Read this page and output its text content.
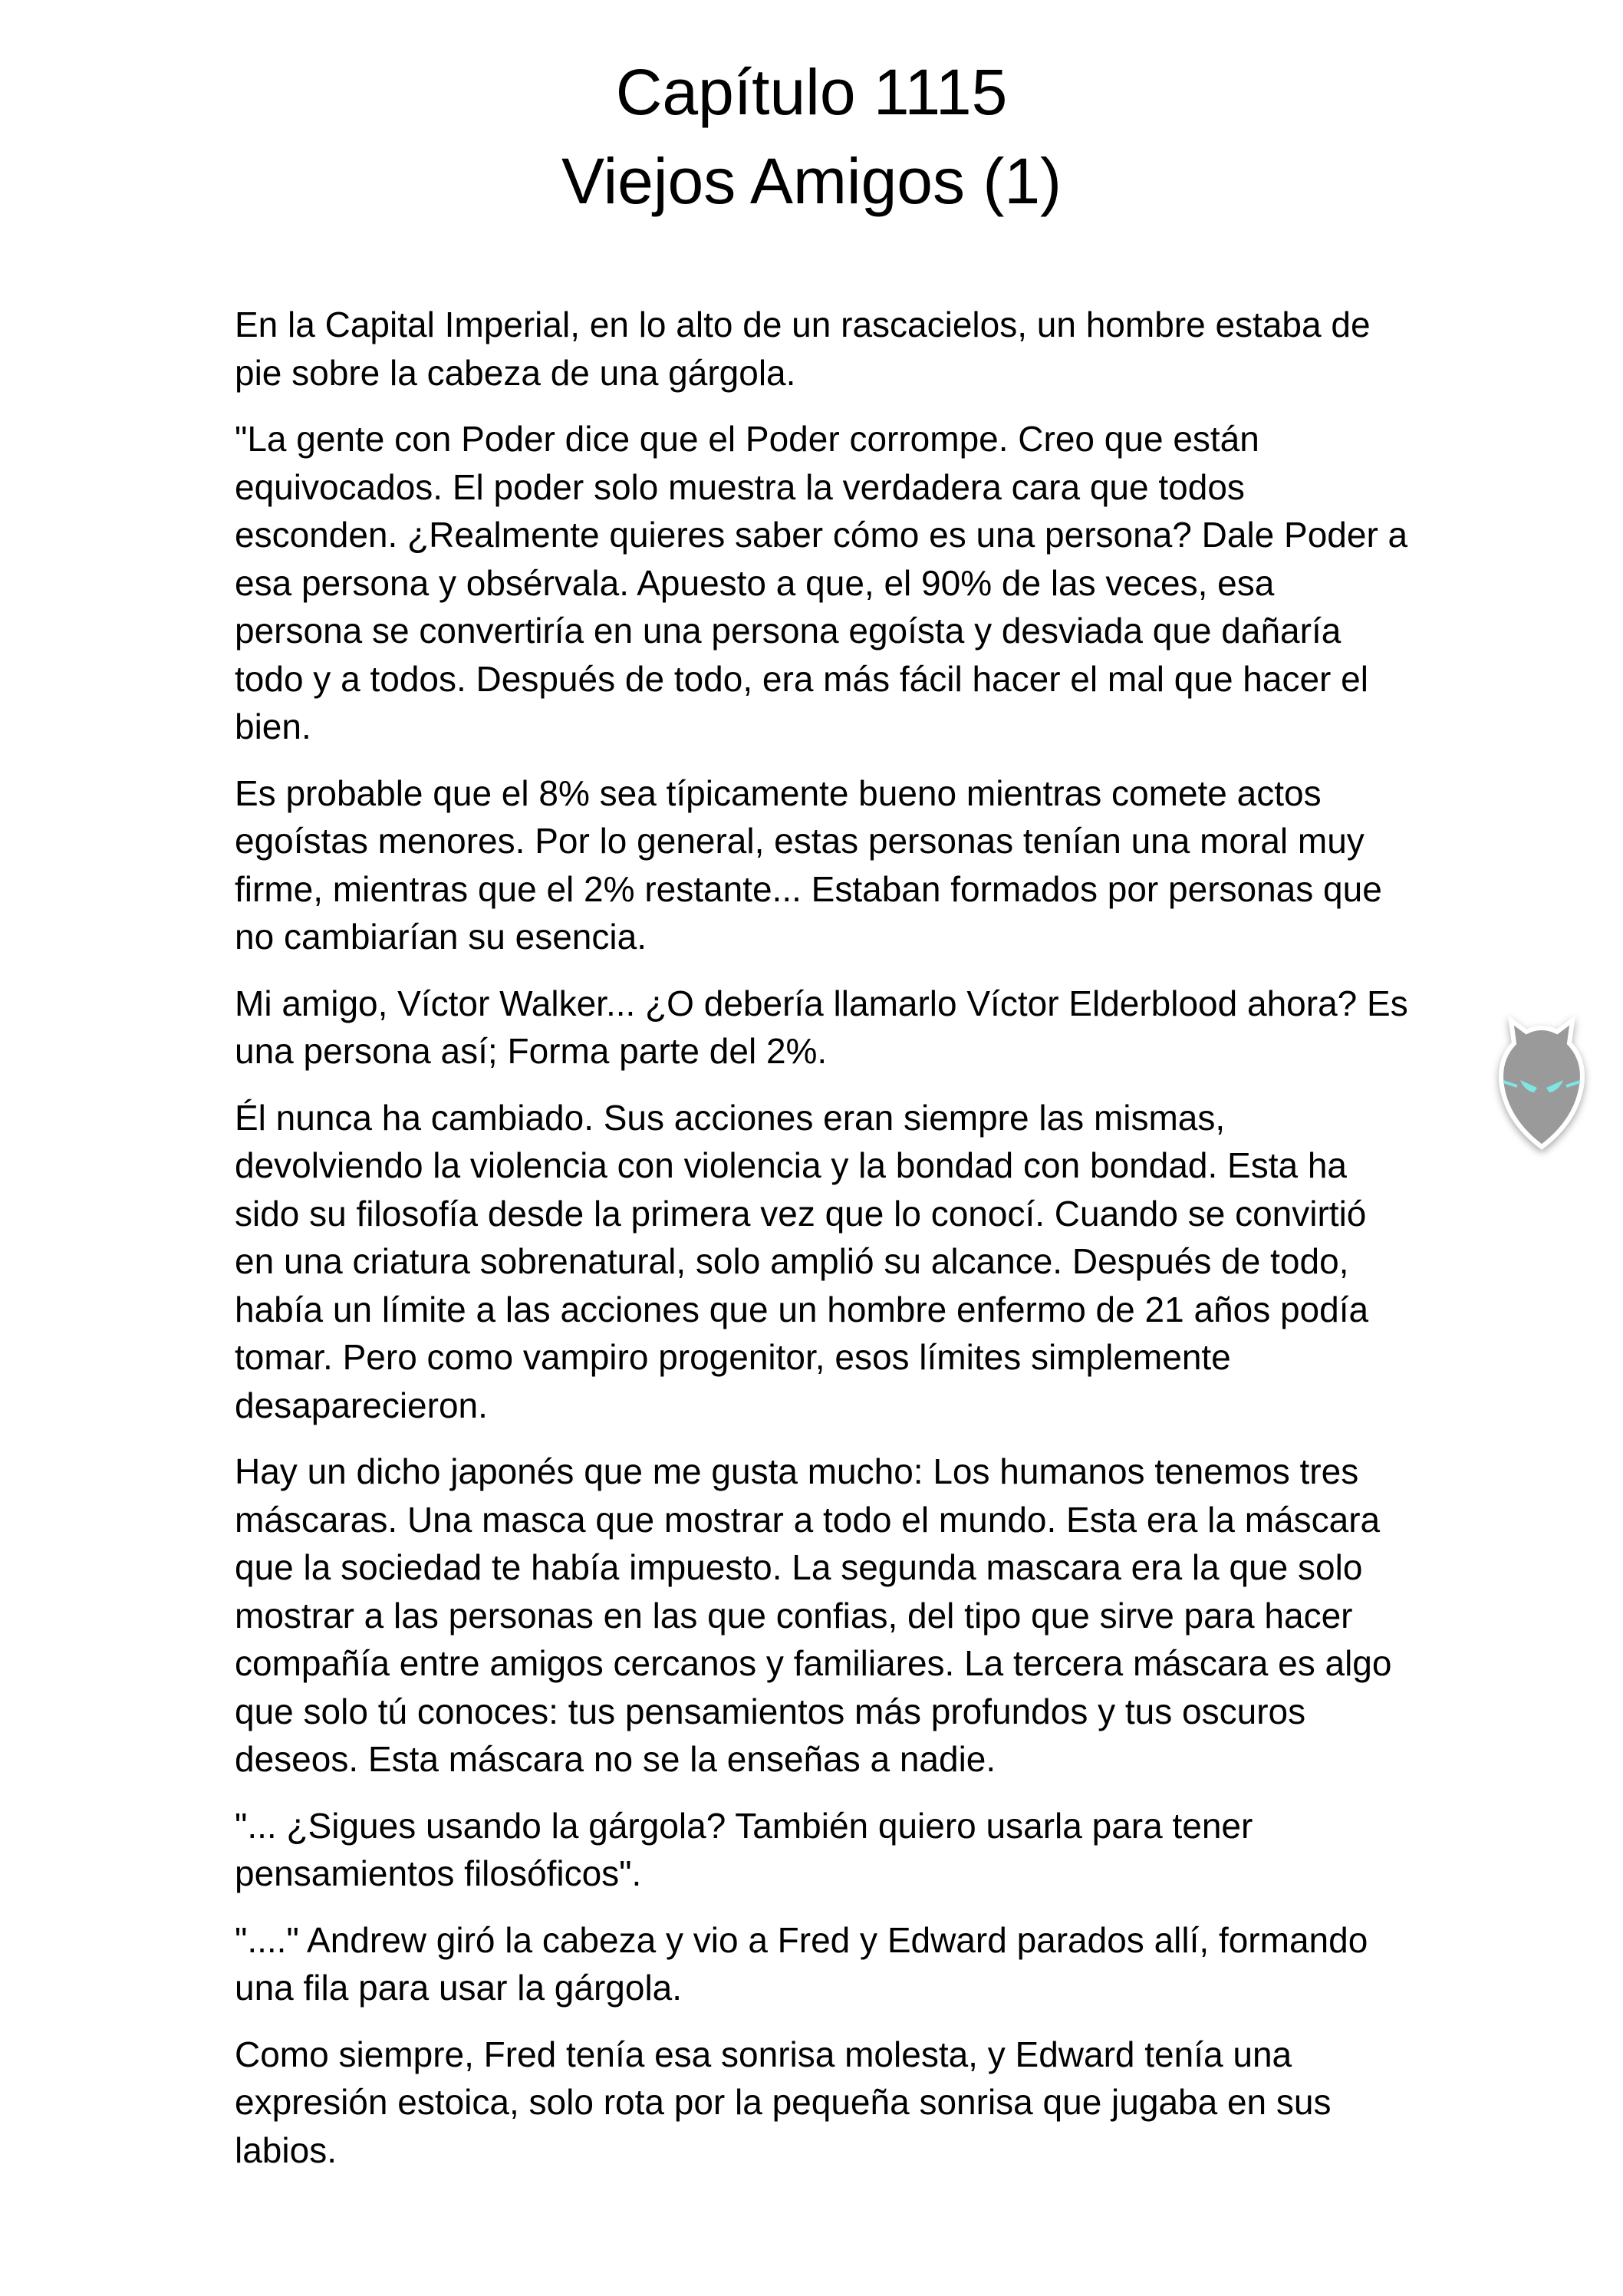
Capítulo 1115
Viejos Amigos (1)

En la Capital Imperial, en lo alto de un rascacielos, un hombre estaba de pie sobre la cabeza de una gárgola.

"La gente con Poder dice que el Poder corrompe. Creo que están equivocados. El poder solo muestra la verdadera cara que todos esconden. ¿Realmente quieres saber cómo es una persona? Dale Poder a esa persona y obsérvala. Apuesto a que, el 90% de las veces, esa persona se convertiría en una persona egoísta y desviada que dañaría todo y a todos. Después de todo, era más fácil hacer el mal que hacer el bien.

Es probable que el 8% sea típicamente bueno mientras comete actos egoístas menores. Por lo general, estas personas tenían una moral muy firme, mientras que el 2% restante... Estaban formados por personas que no cambiarían su esencia.

Mi amigo, Víctor Walker... ¿O debería llamarlo Víctor Elderblood ahora? Es una persona así; Forma parte del 2%.

Él nunca ha cambiado. Sus acciones eran siempre las mismas, devolviendo la violencia con violencia y la bondad con bondad. Esta ha sido su filosofía desde la primera vez que lo conocí. Cuando se convirtió en una criatura sobrenatural, solo amplió su alcance. Después de todo, había un límite a las acciones que un hombre enfermo de 21 años podía tomar. Pero como vampiro progenitor, esos límites simplemente desaparecieron.

Hay un dicho japonés que me gusta mucho: Los humanos tenemos tres máscaras. Una masca que mostrar a todo el mundo. Esta era la máscara que la sociedad te había impuesto. La segunda mascara era la que solo mostrar a las personas en las que confias, del tipo que sirve para hacer compañía entre amigos cercanos y familiares. La tercera máscara es algo que solo tú conoces: tus pensamientos más profundos y tus oscuros deseos. Esta máscara no se la enseñas a nadie.

"... ¿Sigues usando la gárgola? También quiero usarla para tener pensamientos filosóficos".

"...." Andrew giró la cabeza y vio a Fred y Edward parados allí, formando una fila para usar la gárgola.

Como siempre, Fred tenía esa sonrisa molesta, y Edward tenía una expresión estoica, solo rota por la pequeña sonrisa que jugaba en sus labios.
